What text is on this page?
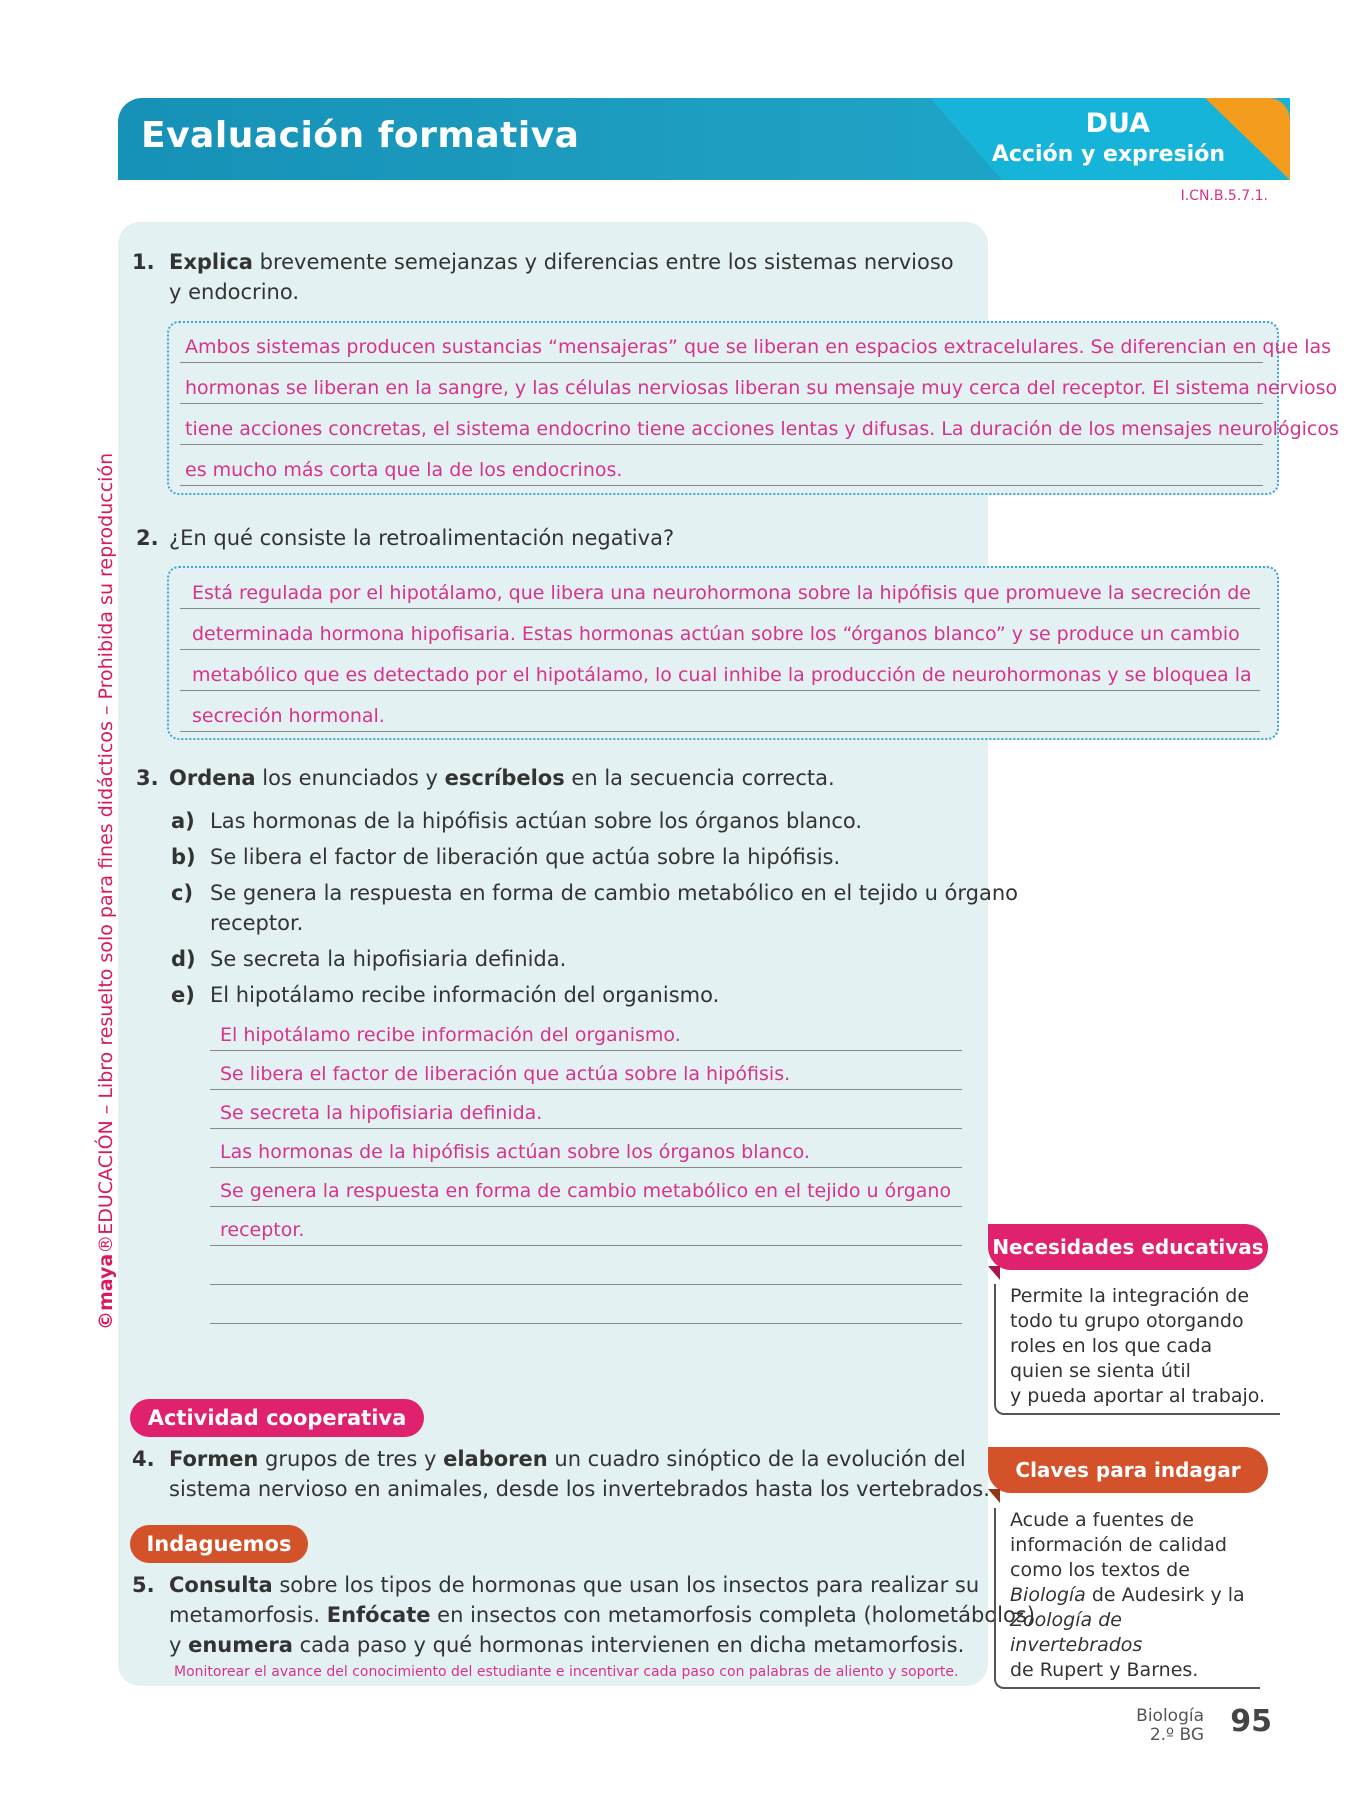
Evaluación formativa	DUA
Acción y expresión
I.CN.B.5.7.1.
©maya®EDUCACIÓN – Libro resuelto solo para fines didácticos – Prohibida su reproducción
1. Explica brevemente semejanzas y diferencias entre los sistemas nervioso
y endocrino.
Ambos sistemas producen sustancias “mensajeras” que se liberan en espacios extracelulares. Se diferencian en que las
hormonas se liberan en la sangre, y las células nerviosas liberan su mensaje muy cerca del receptor. El sistema nervioso
tiene acciones concretas, el sistema endocrino tiene acciones lentas y difusas. La duración de los mensajes neurológicos
es mucho más corta que la de los endocrinos.
2. ¿En qué consiste la retroalimentación negativa?
Está regulada por el hipotálamo, que libera una neurohormona sobre la hipófisis que promueve la secreción de
determinada hormona hipofisaria. Estas hormonas actúan sobre los “órganos blanco” y se produce un cambio
metabólico que es detectado por el hipotálamo, lo cual inhibe la producción de neurohormonas y se bloquea la
secreción hormonal.
3. Ordena los enunciados y escríbelos en la secuencia correcta.
a) Las hormonas de la hipófisis actúan sobre los órganos blanco.
b) Se libera el factor de liberación que actúa sobre la hipófisis.
c) Se genera la respuesta en forma de cambio metabólico en el tejido u órgano
receptor.
d) Se secreta la hipofisiaria definida.
e) El hipotálamo recibe información del organismo.
El hipotálamo recibe información del organismo.
Se libera el factor de liberación que actúa sobre la hipófisis.
Se secreta la hipofisiaria definida.
Las hormonas de la hipófisis actúan sobre los órganos blanco.
Se genera la respuesta en forma de cambio metabólico en el tejido u órgano
receptor.
Actividad cooperativa
4. Formen grupos de tres y elaboren un cuadro sinóptico de la evolución del
sistema nervioso en animales, desde los invertebrados hasta los vertebrados.
Indaguemos
5. Consulta sobre los tipos de hormonas que usan los insectos para realizar su
metamorfosis. Enfócate en insectos con metamorfosis completa (holometábolos)
y enumera cada paso y qué hormonas intervienen en dicha metamorfosis.
Monitorear el avance del conocimiento del estudiante e incentivar cada paso con palabras de aliento y soporte.
Necesidades educativas
Permite la integración de
todo tu grupo otorgando
roles en los que cada
quien se sienta útil
y pueda aportar al trabajo.
Claves para indagar
Acude a fuentes de
información de calidad
como los textos de
Biología de Audesirk y la
Zoología de invertebrados
de Rupert y Barnes.
Biología
2.º BG 95
